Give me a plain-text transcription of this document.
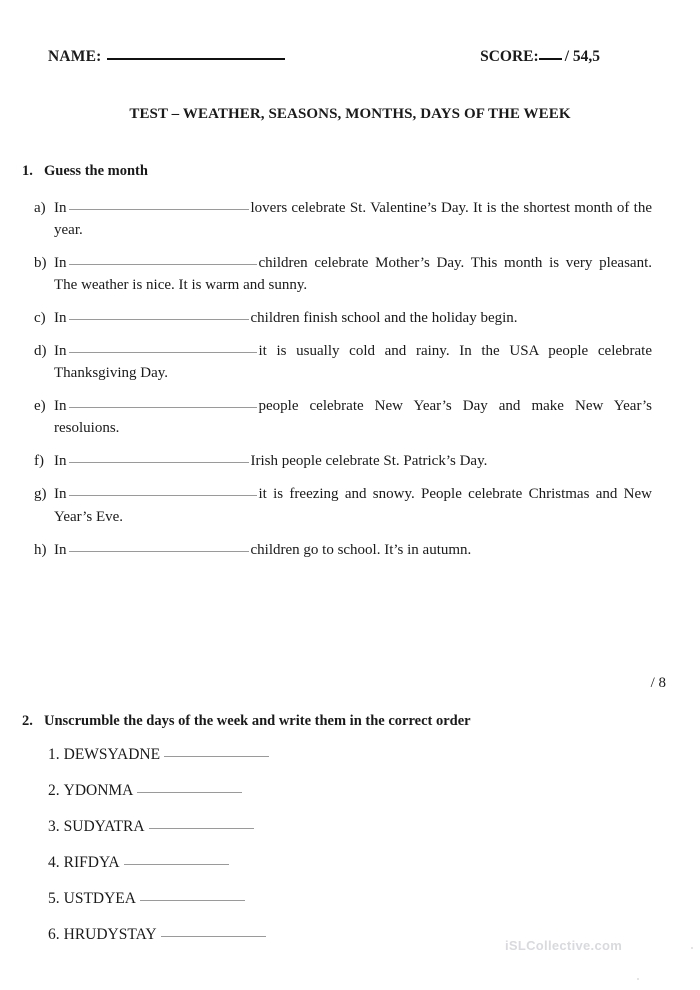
NAME:	SCORE: / 54,5
TEST – WEATHER, SEASONS, MONTHS, DAYS OF THE WEEK
1. Guess the month
a) In	lovers celebrate St. Valentine’s Day. It is the shortest month of the year.
b) In	children celebrate Mother’s Day. This month is very pleasant. The weather is nice. It is warm and sunny.
c) In	children finish school and the holiday begin.
d) In	it is usually cold and rainy. In the USA people celebrate Thanksgiving Day.
e) In	people celebrate New Year’s Day and make New Year’s resoluions.
f) In	Irish people celebrate St. Patrick’s Day.
g) In	it is freezing and snowy. People celebrate Christmas and New Year’s Eve.
h) In	children go to school. It’s in autumn.
/ 8
2. Unscrumble the days of the week and write them in the correct order
1. DEWSYADNE
2. YDONMA
3. SUDYATRA
4. RIFDYA
5. USTDYEA
6. HRUDYSTAY
iSLCollective.com
